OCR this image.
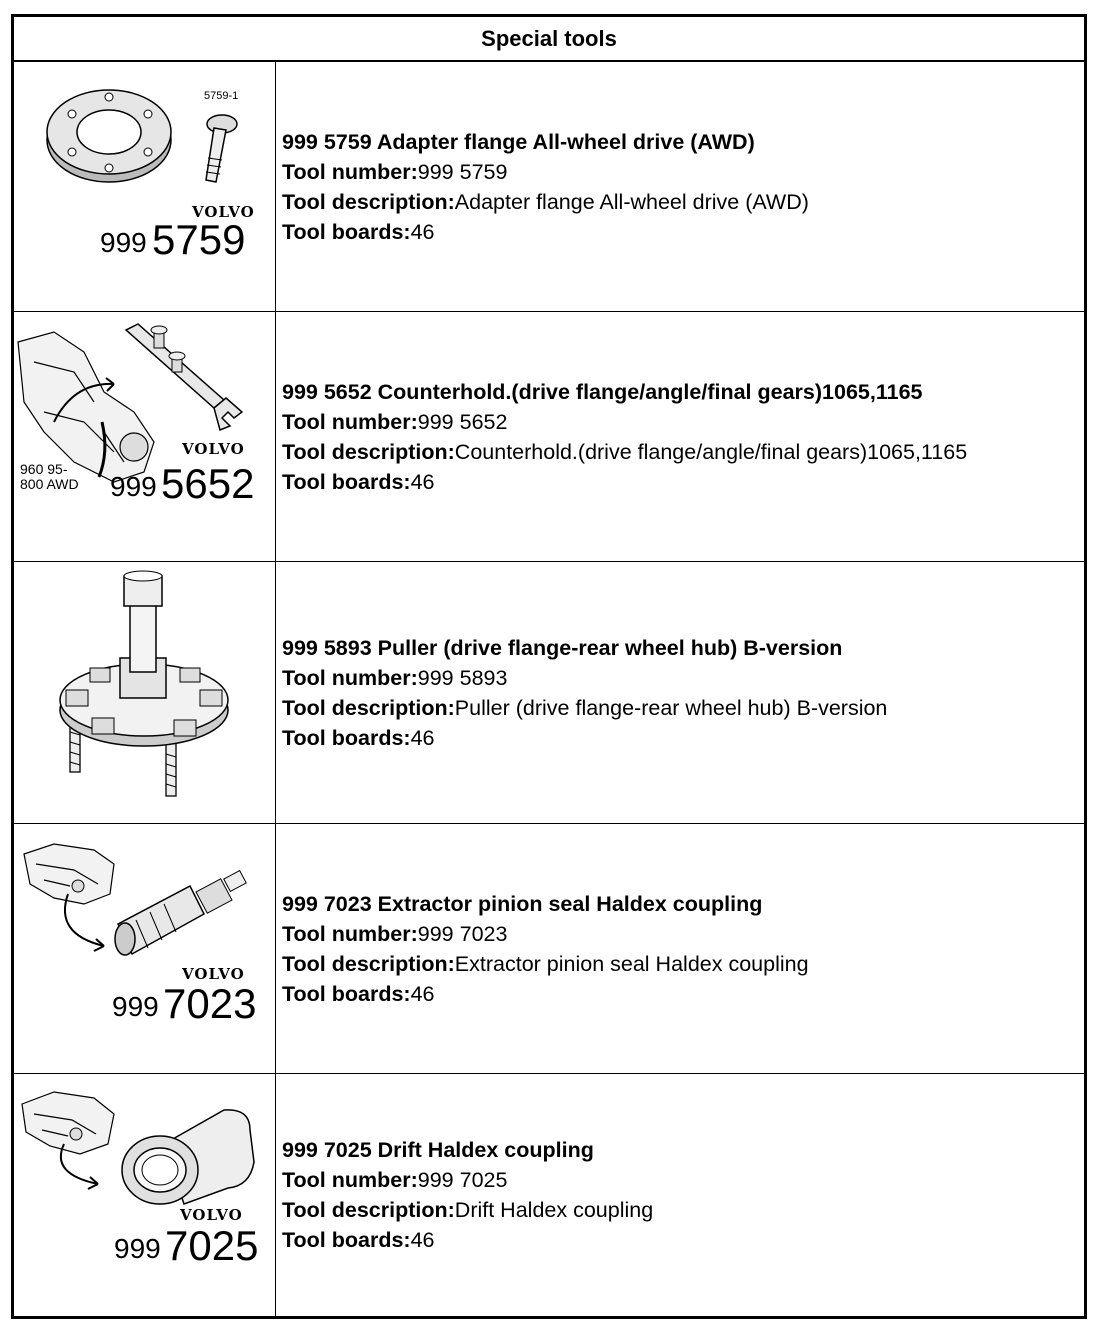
Special tools
5759-1
VOLVO
999 5759
999 5759 Adapter flange All-wheel drive (AWD)
Tool number:999 5759
Tool description:Adapter flange All-wheel drive (AWD)
Tool boards:46
VOLVO
960 95-
800 AWD 999 5652
999 5652 Counterhold.(drive flange/angle/final gears)1065,1165
Tool number:999 5652
Tool description:Counterhold.(drive flange/angle/final gears)1065,1165
Tool boards:46
999 5893 Puller (drive flange-rear wheel hub) B-version
Tool number:999 5893
Tool description:Puller (drive flange-rear wheel hub) B-version
Tool boards:46
VOLVO
999 7023
999 7023 Extractor pinion seal Haldex coupling
Tool number:999 7023
Tool description:Extractor pinion seal Haldex coupling
Tool boards:46
VOLVO
999 7025
999 7025 Drift Haldex coupling
Tool number:999 7025
Tool description:Drift Haldex coupling
Tool boards:46
